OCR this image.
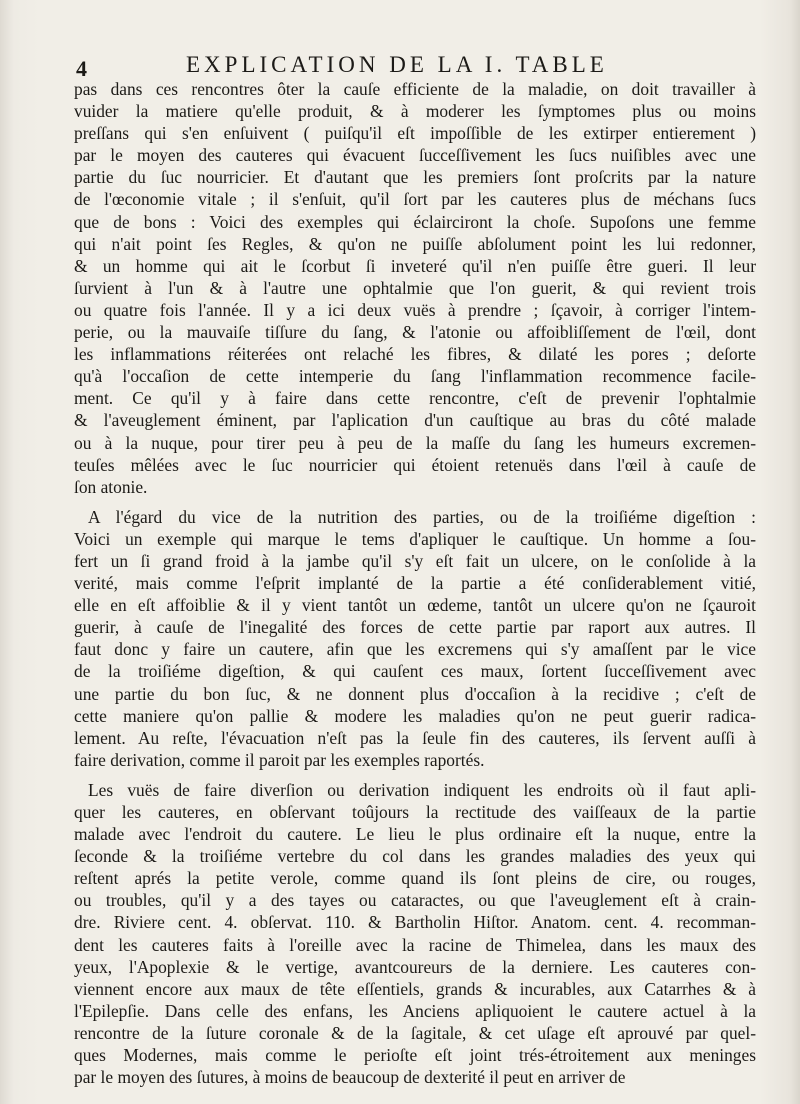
4	EXPLICATION DE LA I. TABLE
pas dans ces rencontres ôter la cauſe efficiente de la maladie, on doit travailler à
vuider la matiere qu'elle produit, & à moderer les ſymptomes plus ou moins
preſſans qui s'en enſuivent ( puiſqu'il eſt impoſſible de les extirper entierement )
par le moyen des cauteres qui évacuent ſucceſſivement les ſucs nuiſibles avec une
partie du ſuc nourricier. Et d'autant que les premiers ſont proſcrits par la nature
de l'œconomie vitale ; il s'enſuit, qu'il ſort par les cauteres plus de méchans ſucs
que de bons : Voici des exemples qui éclairciront la choſe. Supoſons une femme
qui n'ait point ſes Regles, & qu'on ne puiſſe abſolument point les lui redonner,
& un homme qui ait le ſcorbut ſi inveteré qu'il n'en puiſſe être gueri. Il leur
ſurvient à l'un & à l'autre une ophtalmie que l'on guerit, & qui revient trois
ou quatre fois l'année. Il y a ici deux vuës à prendre ; ſçavoir, à corriger l'intem-
perie, ou la mauvaiſe tiſſure du ſang, & l'atonie ou affoibliſſement de l'œil, dont
les inflammations réiterées ont relaché les fibres, & dilaté les pores ; deſorte
qu'à l'occaſion de cette intemperie du ſang l'inflammation recommence facile-
ment. Ce qu'il y à faire dans cette rencontre, c'eſt de prevenir l'ophtalmie
& l'aveuglement éminent, par l'aplication d'un cauſtique au bras du côté malade
ou à la nuque, pour tirer peu à peu de la maſſe du ſang les humeurs excremen-
teuſes mêlées avec le ſuc nourricier qui étoient retenuës dans l'œil à cauſe de
ſon atonie.
A l'égard du vice de la nutrition des parties, ou de la troiſiéme digeſtion :
Voici un exemple qui marque le tems d'apliquer le cauſtique. Un homme a ſou-
fert un ſi grand froid à la jambe qu'il s'y eſt fait un ulcere, on le conſolide à la
verité, mais comme l'eſprit implanté de la partie a été conſiderablement vitié,
elle en eſt affoiblie & il y vient tantôt un œdeme, tantôt un ulcere qu'on ne ſçauroit
guerir, à cauſe de l'inegalité des forces de cette partie par raport aux autres. Il
faut donc y faire un cautere, afin que les excremens qui s'y amaſſent par le vice
de la troiſiéme digeſtion, & qui cauſent ces maux, ſortent ſucceſſivement avec
une partie du bon ſuc, & ne donnent plus d'occaſion à la recidive ; c'eſt de
cette maniere qu'on pallie & modere les maladies qu'on ne peut guerir radica-
lement. Au reſte, l'évacuation n'eſt pas la ſeule fin des cauteres, ils ſervent auſſi à
faire derivation, comme il paroit par les exemples raportés.
Les vuës de faire diverſion ou derivation indiquent les endroits où il faut apli-
quer les cauteres, en obſervant toûjours la rectitude des vaiſſeaux de la partie
malade avec l'endroit du cautere. Le lieu le plus ordinaire eſt la nuque, entre la
ſeconde & la troiſiéme vertebre du col dans les grandes maladies des yeux qui
reſtent aprés la petite verole, comme quand ils ſont pleins de cire, ou rouges,
ou troubles, qu'il y a des tayes ou cataractes, ou que l'aveuglement eſt à crain-
dre. Riviere cent. 4. obſervat. 110. & Bartholin Hiſtor. Anatom. cent. 4. recomman-
dent les cauteres faits à l'oreille avec la racine de Thimelea, dans les maux des
yeux, l'Apoplexie & le vertige, avantcoureurs de la derniere. Les cauteres con-
viennent encore aux maux de tête eſſentiels, grands & incurables, aux Catarrhes & à
l'Epilepſie. Dans celle des enfans, les Anciens apliquoient le cautere actuel à la
rencontre de la ſuture coronale & de la ſagitale, & cet uſage eſt aprouvé par quel-
ques Modernes, mais comme le perioſte eſt joint trés-étroitement aux meninges
par le moyen des ſutures, à moins de beaucoup de dexterité il peut en arriver de
